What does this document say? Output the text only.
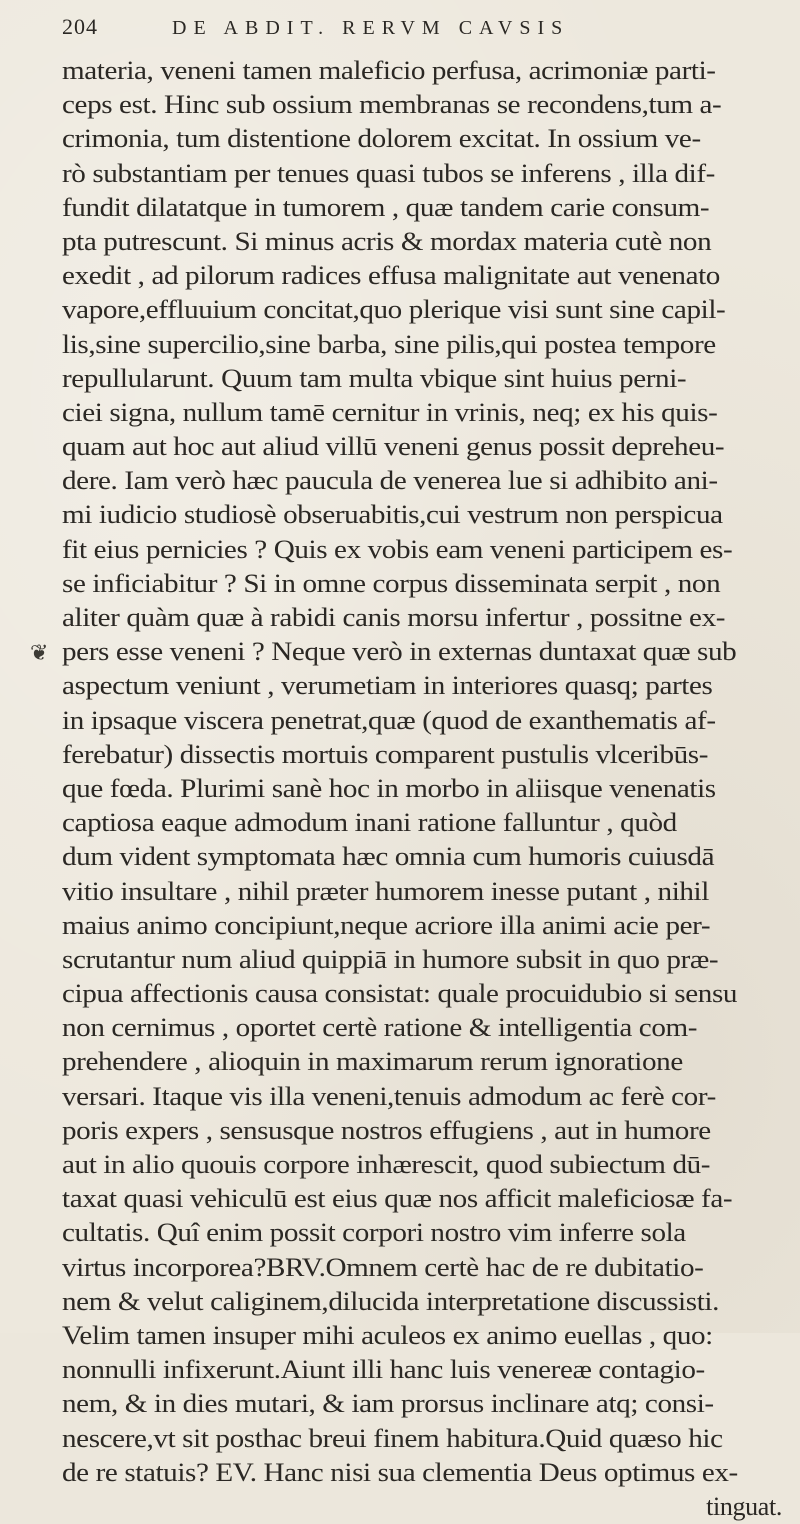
204	DE ABDIT. RERVM CAVSIS
materia, veneni tamen maleficio perfusa, acrimoniæ parti-
ceps est. Hinc sub ossium membranas se recondens,tum a-
crimonia, tum distentione dolorem excitat. In ossium ve-
rò substantiam per tenues quasi tubos se inferens , illa dif-
fundit dilatatque in tumorem , quæ tandem carie consum-
pta putrescunt. Si minus acris & mordax materia cutè non
exedit , ad pilorum radices effusa malignitate aut venenato
vapore,effluuium concitat,quo plerique visi sunt sine capil-
lis,sine supercilio,sine barba, sine pilis,qui postea tempore
repullularunt. Quum tam multa vbique sint huius perni-
ciei signa, nullum tamē cernitur in vrinis, neq; ex his quis-
quam aut hoc aut aliud villū veneni genus possit depreheu-
dere. Iam verò hæc paucula de venerea lue si adhibito ani-
mi iudicio studiosè obseruabitis,cui vestrum non perspicua
fit eius pernicies ? Quis ex vobis eam veneni participem es-
se inficiabitur ? Si in omne corpus disseminata serpit , non
aliter quàm quæ à rabidi canis morsu infertur , possitne ex-
pers esse veneni ? Neque verò in externas duntaxat quæ sub
aspectum veniunt , verumetiam in interiores quasq; partes
in ipsaque viscera penetrat,quæ (quod de exanthematis af-
ferebatur) dissectis mortuis comparent pustulis vlceribūs-
que fœda. Plurimi sanè hoc in morbo in aliisque venenatis
captiosa eaque admodum inani ratione falluntur , quòd
dum vident symptomata hæc omnia cum humoris cuiusdā
vitio insultare , nihil præter humorem inesse putant , nihil
maius animo concipiunt,neque acriore illa animi acie per-
scrutantur num aliud quippiā in humore subsit in quo præ-
cipua affectionis causa consistat: quale procuidubio si sensu
non cernimus , oportet certè ratione & intelligentia com-
prehendere , alioquin in maximarum rerum ignoratione
versari. Itaque vis illa veneni,tenuis admodum ac ferè cor-
poris expers , sensusque nostros effugiens , aut in humore
aut in alio quouis corpore inhærescit, quod subiectum dū-
taxat quasi vehiculū est eius quæ nos afficit maleficiosæ fa-
cultatis. Quî enim possit corpori nostro vim inferre sola
virtus incorporea?BRV.Omnem certè hac de re dubitatio-
nem & velut caliginem,dilucida interpretatione discussisti.
Velim tamen insuper mihi aculeos ex animo euellas , quo:
nonnulli infixerunt.Aiunt illi hanc luis venereæ contagio-
nem, & in dies mutari, & iam prorsus inclinare atq; consi-
nescere,vt sit posthac breui finem habitura.Quid quæso hic
de re statuis? EV. Hanc nisi sua clementia Deus optimus ex-
tinguat.
❦
